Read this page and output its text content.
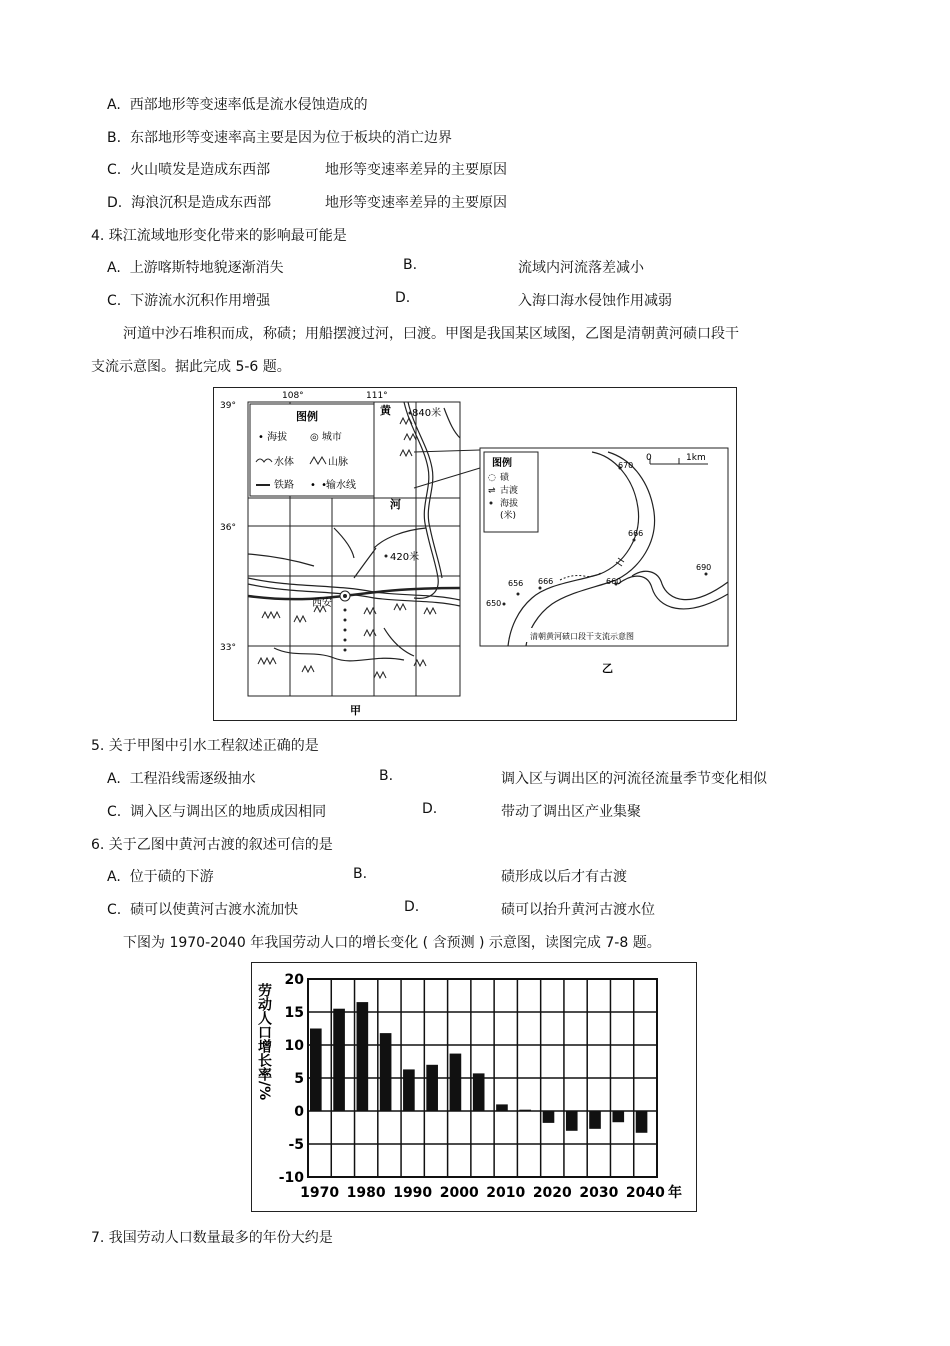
A. 西部地形等变速率低是流水侵蚀造成的
B. 东部地形等变速率高主要是因为位于板块的消亡边界
C. 火山喷发是造成东西部	地形等变速率差异的主要原因
D. 海浪沉积是造成东西部	地形等变速率差异的主要原因
4. 珠江流域地形变化带来的影响最可能是
A. 上游喀斯特地貌逐渐消失	B.	流域内河流落差减小
C. 下游流水沉积作用增强	D.	入海口海水侵蚀作用减弱
河道中沙石堆积而成，称碛；用船摆渡过河，曰渡。甲图是我国某区域图，乙图是清朝黄河碛口段干
支流示意图。据此完成 5-6 题。
图例
• 海拔 ◎ 城市
水体	山脉
铁路 • •
输水线
108°	111°
39°
36°
33°
西安
黄
河
840米
420米
甲
图例
◌ 碛
⇌ 古渡
海拔
(米)
0	1km
670
666
690
656 666	660
650
清朝黄河碛口段干支流示意图
乙
5. 关于甲图中引水工程叙述正确的是
A. 工程沿线需逐级抽水	B.	调入区与调出区的河流径流量季节变化相似
C. 调入区与调出区的地质成因相同	D.	带动了调出区产业集聚
6. 关于乙图中黄河古渡的叙述可信的是
A. 位于碛的下游	B.	碛形成以后才有古渡
C. 碛可以使黄河古渡水流加快	D.	碛可以抬升黄河古渡水位
下图为 1970-2040 年我国劳动人口的增长变化 ( 含预测 ) 示意图，读图完成 7-8 题。
劳动人口增长率/%
20
15
10
5
0
-5
-10
1970 1980 1990 2000 2010 2020 2030 2040 年
7. 我国劳动人口数量最多的年份大约是
